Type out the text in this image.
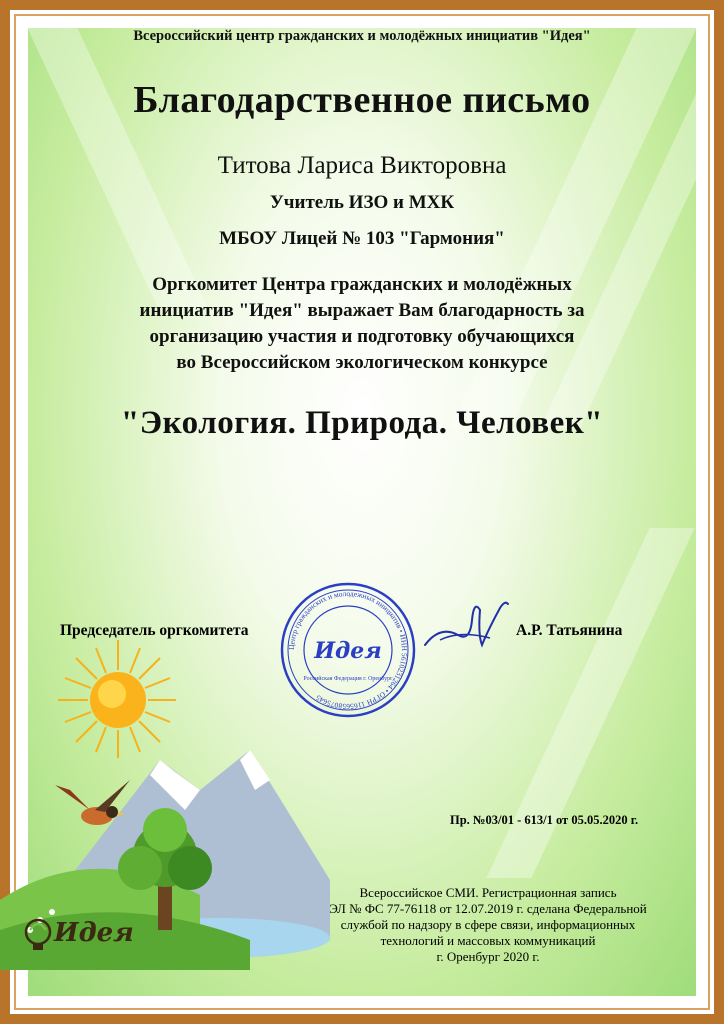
Всероссийский центр гражданских и молодёжных инициатив "Идея"
Благодарственное письмо
Титова Лариса Викторовна
Учитель ИЗО и МХК
МБОУ Лицей № 103 "Гармония"
Оргкомитет Центра гражданских и молодёжных
инициатив "Идея" выражает Вам благодарность за
организацию участия и подготовку обучающихся
во Всероссийском экологическом конкурсе
"Экология. Природа. Человек"
Идея
Председатель оргкомитета	А.Р. Татьянина
Центр гражданских и молодежных инициатив • ИНН 5610231264 • ОГРН 1165658075645
Идея
Российская Федерация г. Оренбург
Пр. №03/01 - 613/1 от 05.05.2020 г.
Всероссийское СМИ. Регистрационная запись
ЭЛ № ФС 77-76118 от 12.07.2019 г. сделана Федеральной
службой по надзору в сфере связи, информационных
технологий и массовых коммуникаций
г. Оренбург 2020 г.
